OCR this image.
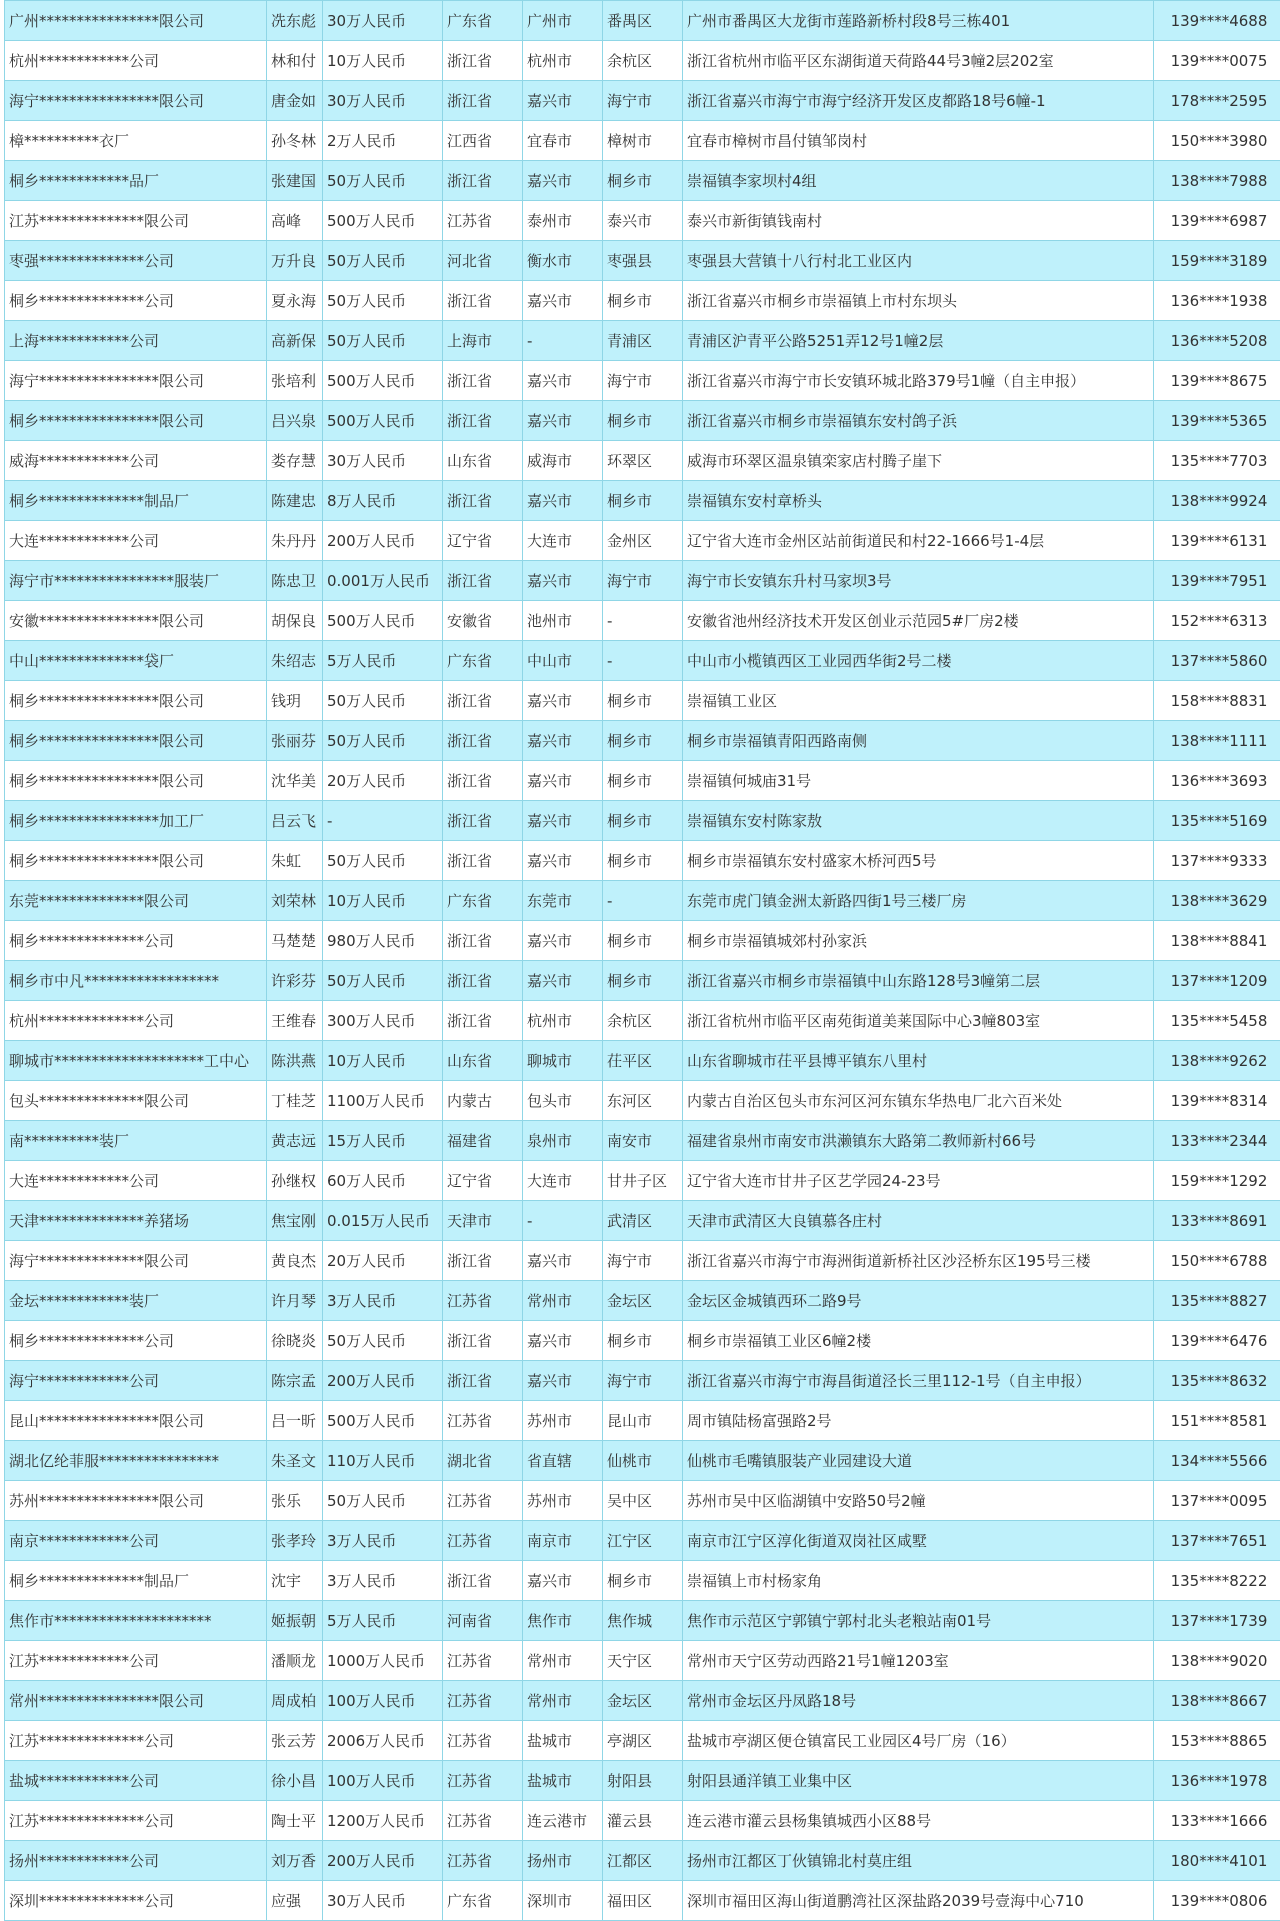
广州****************限公司	冼东彪	30万人民币	广东省	广州市	番禺区	广州市番禺区大龙街市莲路新桥村段8号三栋401	139****4688
杭州************公司	林和付	10万人民币	浙江省	杭州市	余杭区	浙江省杭州市临平区东湖街道天荷路44号3幢2层202室	139****0075
海宁****************限公司	唐金如	30万人民币	浙江省	嘉兴市	海宁市	浙江省嘉兴市海宁市海宁经济开发区皮都路18号6幢-1	178****2595
樟**********衣厂	孙冬林	2万人民币	江西省	宜春市	樟树市	宜春市樟树市昌付镇邹岗村	150****3980
桐乡************品厂	张建国	50万人民币	浙江省	嘉兴市	桐乡市	崇福镇李家坝村4组	138****7988
江苏**************限公司	高峰	500万人民币	江苏省	泰州市	泰兴市	泰兴市新街镇钱南村	139****6987
枣强**************公司	万升良	50万人民币	河北省	衡水市	枣强县	枣强县大营镇十八行村北工业区内	159****3189
桐乡**************公司	夏永海	50万人民币	浙江省	嘉兴市	桐乡市	浙江省嘉兴市桐乡市崇福镇上市村东坝头	136****1938
上海************公司	高新保	50万人民币	上海市	-	青浦区	青浦区沪青平公路5251弄12号1幢2层	136****5208
海宁****************限公司	张培利	500万人民币	浙江省	嘉兴市	海宁市	浙江省嘉兴市海宁市长安镇环城北路379号1幢（自主申报）	139****8675
桐乡****************限公司	吕兴泉	500万人民币	浙江省	嘉兴市	桐乡市	浙江省嘉兴市桐乡市崇福镇东安村鸽子浜	139****5365
威海************公司	娄存慧	30万人民币	山东省	威海市	环翠区	威海市环翠区温泉镇栾家店村腾子崖下	135****7703
桐乡**************制品厂	陈建忠	8万人民币	浙江省	嘉兴市	桐乡市	崇福镇东安村章桥头	138****9924
大连************公司	朱丹丹	200万人民币	辽宁省	大连市	金州区	辽宁省大连市金州区站前街道民和村22-1666号1-4层	139****6131
海宁市****************服装厂	陈忠卫	0.001万人民币	浙江省	嘉兴市	海宁市	海宁市长安镇东升村马家坝3号	139****7951
安徽****************限公司	胡保良	500万人民币	安徽省	池州市	-	安徽省池州经济技术开发区创业示范园5#厂房2楼	152****6313
中山**************袋厂	朱绍志	5万人民币	广东省	中山市	-	中山市小榄镇西区工业园西华街2号二楼	137****5860
桐乡****************限公司	钱玥	50万人民币	浙江省	嘉兴市	桐乡市	崇福镇工业区	158****8831
桐乡****************限公司	张丽芬	50万人民币	浙江省	嘉兴市	桐乡市	桐乡市崇福镇青阳西路南侧	138****1111
桐乡****************限公司	沈华美	20万人民币	浙江省	嘉兴市	桐乡市	崇福镇何城庙31号	136****3693
桐乡****************加工厂	吕云飞	-	浙江省	嘉兴市	桐乡市	崇福镇东安村陈家敖	135****5169
桐乡****************限公司	朱虹	50万人民币	浙江省	嘉兴市	桐乡市	桐乡市崇福镇东安村盛家木桥河西5号	137****9333
东莞**************限公司	刘荣林	10万人民币	广东省	东莞市	-	东莞市虎门镇金洲太新路四街1号三楼厂房	138****3629
桐乡**************公司	马楚楚	980万人民币	浙江省	嘉兴市	桐乡市	桐乡市崇福镇城郊村孙家浜	138****8841
桐乡市中凡******************	许彩芬	50万人民币	浙江省	嘉兴市	桐乡市	浙江省嘉兴市桐乡市崇福镇中山东路128号3幢第二层	137****1209
杭州**************公司	王维春	300万人民币	浙江省	杭州市	余杭区	浙江省杭州市临平区南苑街道美莱国际中心3幢803室	135****5458
聊城市********************工中心	陈洪燕	10万人民币	山东省	聊城市	茌平区	山东省聊城市茌平县博平镇东八里村	138****9262
包头**************限公司	丁桂芝	1100万人民币	内蒙古	包头市	东河区	内蒙古自治区包头市东河区河东镇东华热电厂北六百米处	139****8314
南**********装厂	黄志远	15万人民币	福建省	泉州市	南安市	福建省泉州市南安市洪濑镇东大路第二教师新村66号	133****2344
大连************公司	孙继权	60万人民币	辽宁省	大连市	甘井子区	辽宁省大连市甘井子区艺学园24-23号	159****1292
天津**************养猪场	焦宝刚	0.015万人民币	天津市	-	武清区	天津市武清区大良镇慕各庄村	133****8691
海宁**************限公司	黄良杰	20万人民币	浙江省	嘉兴市	海宁市	浙江省嘉兴市海宁市海洲街道新桥社区沙泾桥东区195号三楼	150****6788
金坛************装厂	许月琴	3万人民币	江苏省	常州市	金坛区	金坛区金城镇西环二路9号	135****8827
桐乡**************公司	徐晓炎	50万人民币	浙江省	嘉兴市	桐乡市	桐乡市崇福镇工业区6幢2楼	139****6476
海宁************公司	陈宗孟	200万人民币	浙江省	嘉兴市	海宁市	浙江省嘉兴市海宁市海昌街道泾长三里112-1号（自主申报）	135****8632
昆山****************限公司	吕一昕	500万人民币	江苏省	苏州市	昆山市	周市镇陆杨富强路2号	151****8581
湖北亿纶菲服****************	朱圣文	110万人民币	湖北省	省直辖	仙桃市	仙桃市毛嘴镇服装产业园建设大道	134****5566
苏州****************限公司	张乐	50万人民币	江苏省	苏州市	吴中区	苏州市吴中区临湖镇中安路50号2幢	137****0095
南京************公司	张孝玲	3万人民币	江苏省	南京市	江宁区	南京市江宁区淳化街道双岗社区咸墅	137****7651
桐乡**************制品厂	沈宇	3万人民币	浙江省	嘉兴市	桐乡市	崇福镇上市村杨家角	135****8222
焦作市*********************	姬振朝	5万人民币	河南省	焦作市	焦作城	焦作市示范区宁郭镇宁郭村北头老粮站南01号	137****1739
江苏************公司	潘顺龙	1000万人民币	江苏省	常州市	天宁区	常州市天宁区劳动西路21号1幢1203室	138****9020
常州****************限公司	周成柏	100万人民币	江苏省	常州市	金坛区	常州市金坛区丹凤路18号	138****8667
江苏**************公司	张云芳	2006万人民币	江苏省	盐城市	亭湖区	盐城市亭湖区便仓镇富民工业园区4号厂房（16）	153****8865
盐城************公司	徐小昌	100万人民币	江苏省	盐城市	射阳县	射阳县通洋镇工业集中区	136****1978
江苏**************公司	陶士平	1200万人民币	江苏省	连云港市	灌云县	连云港市灌云县杨集镇城西小区88号	133****1666
扬州************公司	刘万香	200万人民币	江苏省	扬州市	江都区	扬州市江都区丁伙镇锦北村莫庄组	180****4101
深圳**************公司	应强	30万人民币	广东省	深圳市	福田区	深圳市福田区海山街道鹏湾社区深盐路2039号壹海中心710	139****0806
